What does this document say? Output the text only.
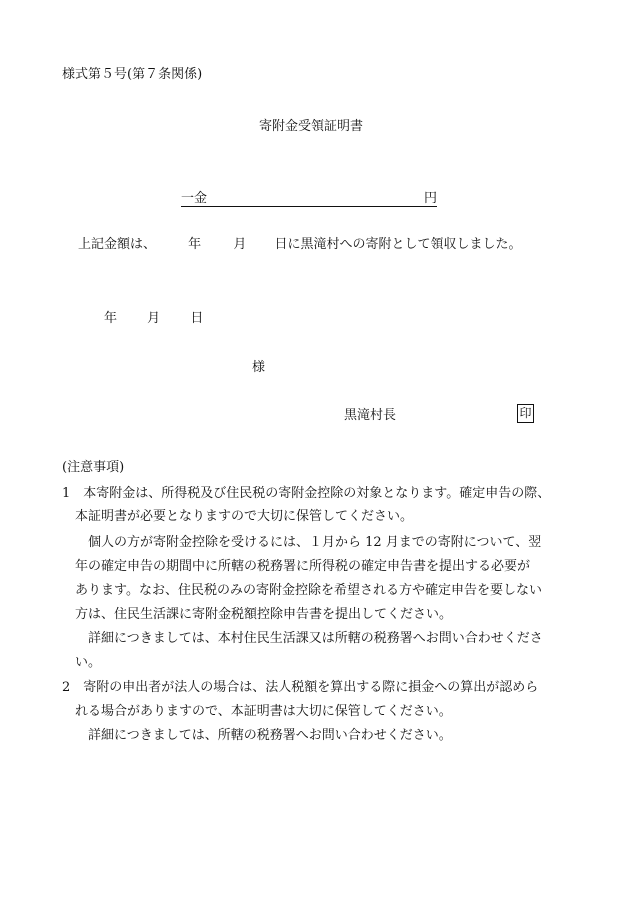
様式第５号(第７条関係)
寄附金受領証明書
一金	円
上記金額は、 年 月 日に黒滝村への寄附として領収しました。
年 月 日
様
黒滝村長	印
(注意事項)
1　本寄附金は、所得税及び住民税の寄附金控除の対象となります。確定申告の際、
本証明書が必要となりますので大切に保管してください。
個人の方が寄附金控除を受けるには、１月から 12 月までの寄附について、翌
年の確定申告の期間中に所轄の税務署に所得税の確定申告書を提出する必要が
あります。なお、住民税のみの寄附金控除を希望される方や確定申告を要しない
方は、住民生活課に寄附金税額控除申告書を提出してください。
詳細につきましては、本村住民生活課又は所轄の税務署へお問い合わせくださ
い。
2　寄附の申出者が法人の場合は、法人税額を算出する際に損金への算出が認めら
れる場合がありますので、本証明書は大切に保管してください。
詳細につきましては、所轄の税務署へお問い合わせください。
